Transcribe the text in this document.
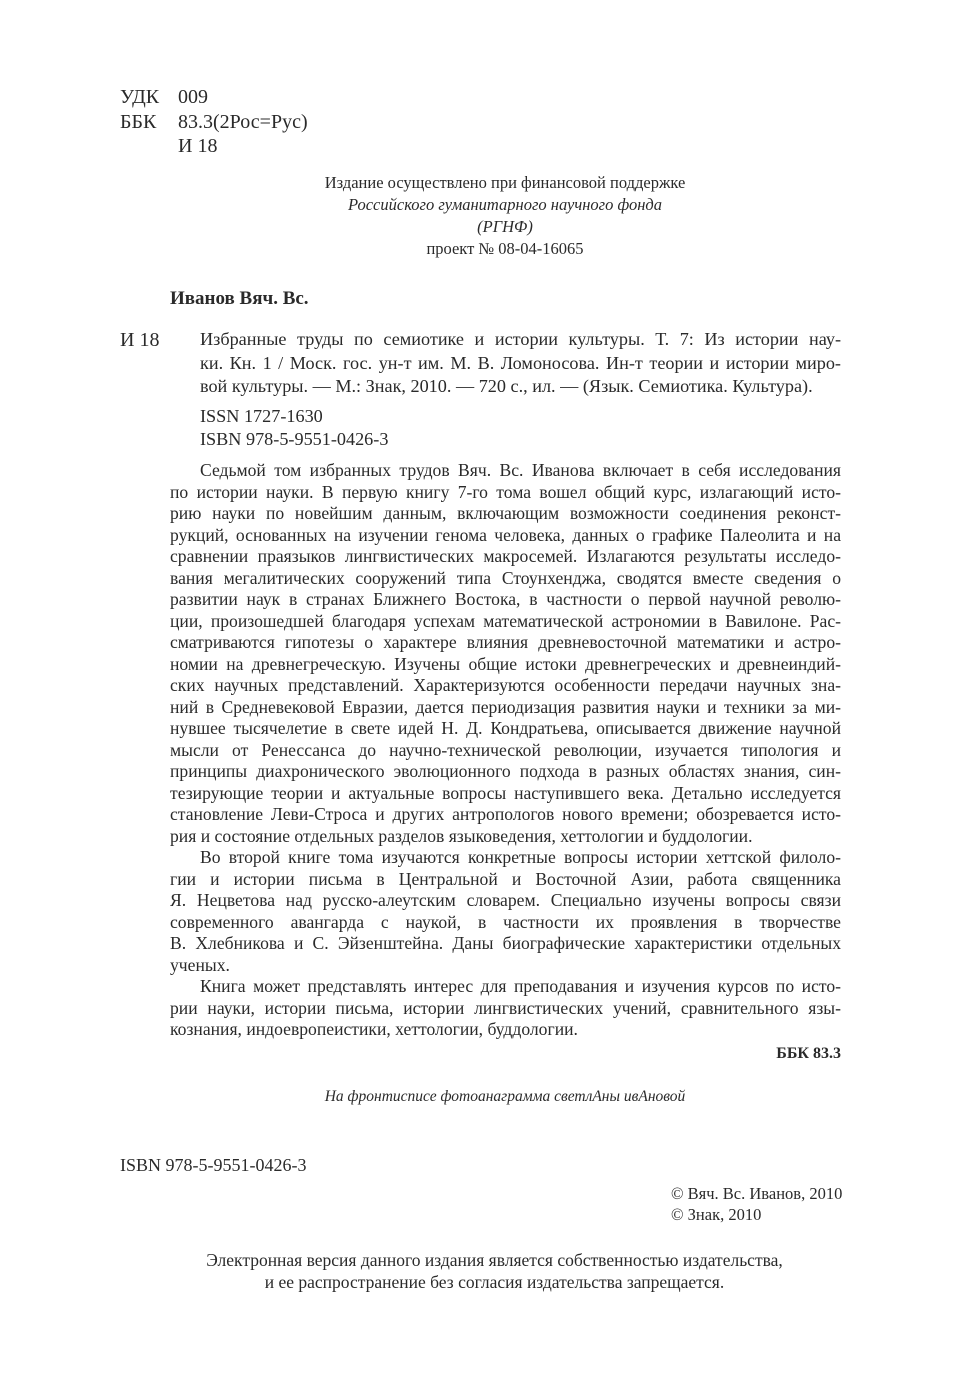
УДК 009
ББК 83.3(2Рос=Рус)
И 18
Издание осуществлено при финансовой поддержке
Российского гуманитарного научного фонда
(РГНФ)
проект № 08-04-16065
Иванов Вяч. Вс.
И 18 Избранные труды по семиотике и истории культуры. Т. 7: Из истории нау-
ки. Кн. 1 / Моск. гос. ун-т им. М. В. Ломоносова. Ин-т теории и истории миро-
вой культуры. — М.: Знак, 2010. — 720 с., ил. — (Язык. Семиотика. Культура).
ISSN 1727-1630
ISBN 978-5-9551-0426-3
Седьмой том избранных трудов Вяч. Вс. Иванова включает в себя исследования
по истории науки. В первую книгу 7-го тома вошел общий курс, излагающий исто-
рию науки по новейшим данным, включающим возможности соединения реконст-
рукций, основанных на изучении генома человека, данных о графике Палеолита и на
сравнении праязыков лингвистических макросемей. Излагаются результаты исследо-
вания мегалитических сооружений типа Стоунхенджа, сводятся вместе сведения о
развитии наук в странах Ближнего Востока, в частности о первой научной револю-
ции, произошедшей благодаря успехам математической астрономии в Вавилоне. Рас-
сматриваются гипотезы о характере влияния древневосточной математики и астро-
номии на древнегреческую. Изучены общие истоки древнегреческих и древнеиндий-
ских научных представлений. Характеризуются особенности передачи научных зна-
ний в Средневековой Евразии, дается периодизация развития науки и техники за ми-
нувшее тысячелетие в свете идей Н. Д. Кондратьева, описывается движение научной
мысли от Ренессанса до научно-технической революции, изучается типология и
принципы диахронического эволюционного подхода в разных областях знания, син-
тезирующие теории и актуальные вопросы наступившего века. Детально исследуется
становление Леви-Строса и других антропологов нового времени; обозревается исто-
рия и состояние отдельных разделов языковедения, хеттологии и буддологии.
Во второй книге тома изучаются конкретные вопросы истории хеттской филоло-
гии и истории письма в Центральной и Восточной Азии, работа священника
Я. Нецветова над русско-алеутским словарем. Специально изучены вопросы связи
современного авангарда с наукой, в частности их проявления в творчестве
В. Хлебникова и С. Эйзенштейна. Даны биографические характеристики отдельных
ученых.
Книга может представлять интерес для преподавания и изучения курсов по исто-
рии науки, истории письма, истории лингвистических учений, сравнительного язы-
кознания, индоевропеистики, хеттологии, буддологии.
ББК 83.3
На фронтисписе фотоанаграмма светлАны ивАновой
ISBN 978-5-9551-0426-3
© Вяч. Вс. Иванов, 2010
© Знак, 2010
Электронная версия данного издания является собственностью издательства,
и ее распространение без согласия издательства запрещается.
